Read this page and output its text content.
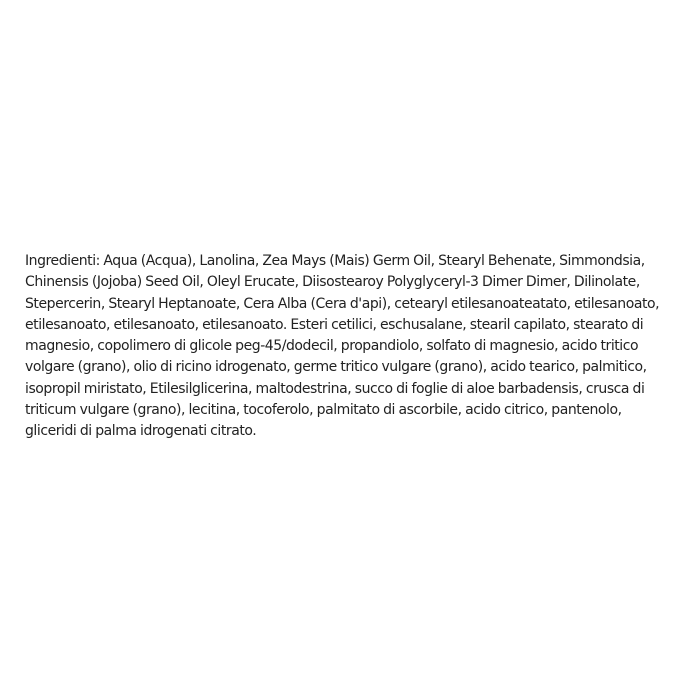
Ingredienti: Aqua (Acqua), Lanolina, Zea Mays (Mais) Germ Oil, Stearyl Behenate, Simmondsia,
Chinensis (Jojoba) Seed Oil, Oleyl Erucate, Diisostearoy Polyglyceryl-3 Dimer Dimer, Dilinolate,
Stepercerin, Stearyl Heptanoate, Cera Alba (Cera d'api), cetearyl etilesanoateatato, etilesanoato,
etilesanoato, etilesanoato, etilesanoato. Esteri cetilici, eschusalane, stearil capilato, stearato di
magnesio, copolimero di glicole peg-45/dodecil, propandiolo, solfato di magnesio, acido tritico
volgare (grano), olio di ricino idrogenato, germe tritico vulgare (grano), acido tearico, palmitico,
isopropil miristato, Etilesilglicerina, maltodestrina, succo di foglie di aloe barbadensis, crusca di
triticum vulgare (grano), lecitina, tocoferolo, palmitato di ascorbile, acido citrico, pantenolo,
gliceridi di palma idrogenati citrato.
